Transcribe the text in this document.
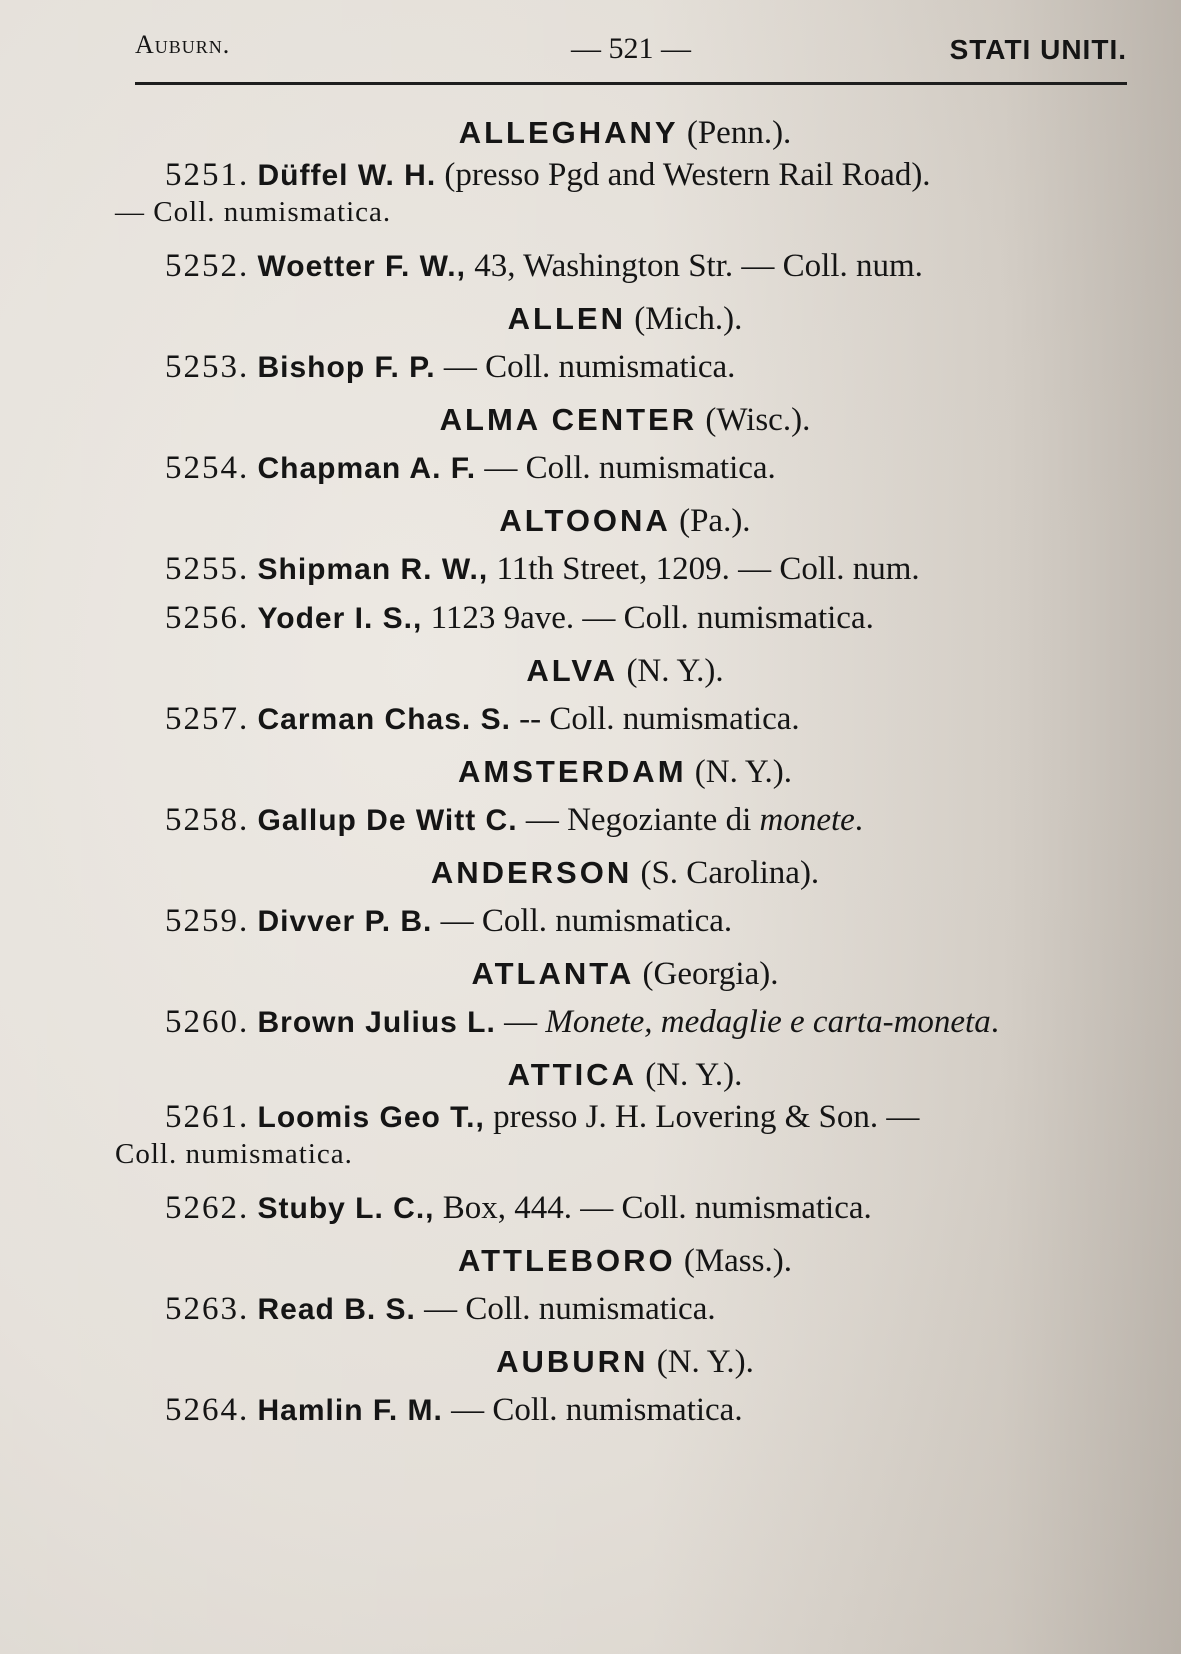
Auburn.	— 521 —	STATI UNITI.
ALLEGHANY (Penn.).
5251. Düffel W. H. (presso Pgd and Western Rail Road).
— Coll. numismatica.
5252. Woetter F. W., 43, Washington Str. — Coll. num.
ALLEN (Mich.).
5253. Bishop F. P. — Coll. numismatica.
ALMA CENTER (Wisc.).
5254. Chapman A. F. — Coll. numismatica.
ALTOONA (Pa.).
5255. Shipman R. W., 11th Street, 1209. — Coll. num.
5256. Yoder I. S., 1123 9ave. — Coll. numismatica.
ALVA (N. Y.).
5257. Carman Chas. S. -- Coll. numismatica.
AMSTERDAM (N. Y.).
5258. Gallup De Witt C. — Negoziante di monete.
ANDERSON (S. Carolina).
5259. Divver P. B. — Coll. numismatica.
ATLANTA (Georgia).
5260. Brown Julius L. — Monete, medaglie e carta-moneta.
ATTICA (N. Y.).
5261. Loomis Geo T., presso J. H. Lovering & Son. —
Coll. numismatica.
5262. Stuby L. C., Box, 444. — Coll. numismatica.
ATTLEBORO (Mass.).
5263. Read B. S. — Coll. numismatica.
AUBURN (N. Y.).
5264. Hamlin F. M. — Coll. numismatica.
